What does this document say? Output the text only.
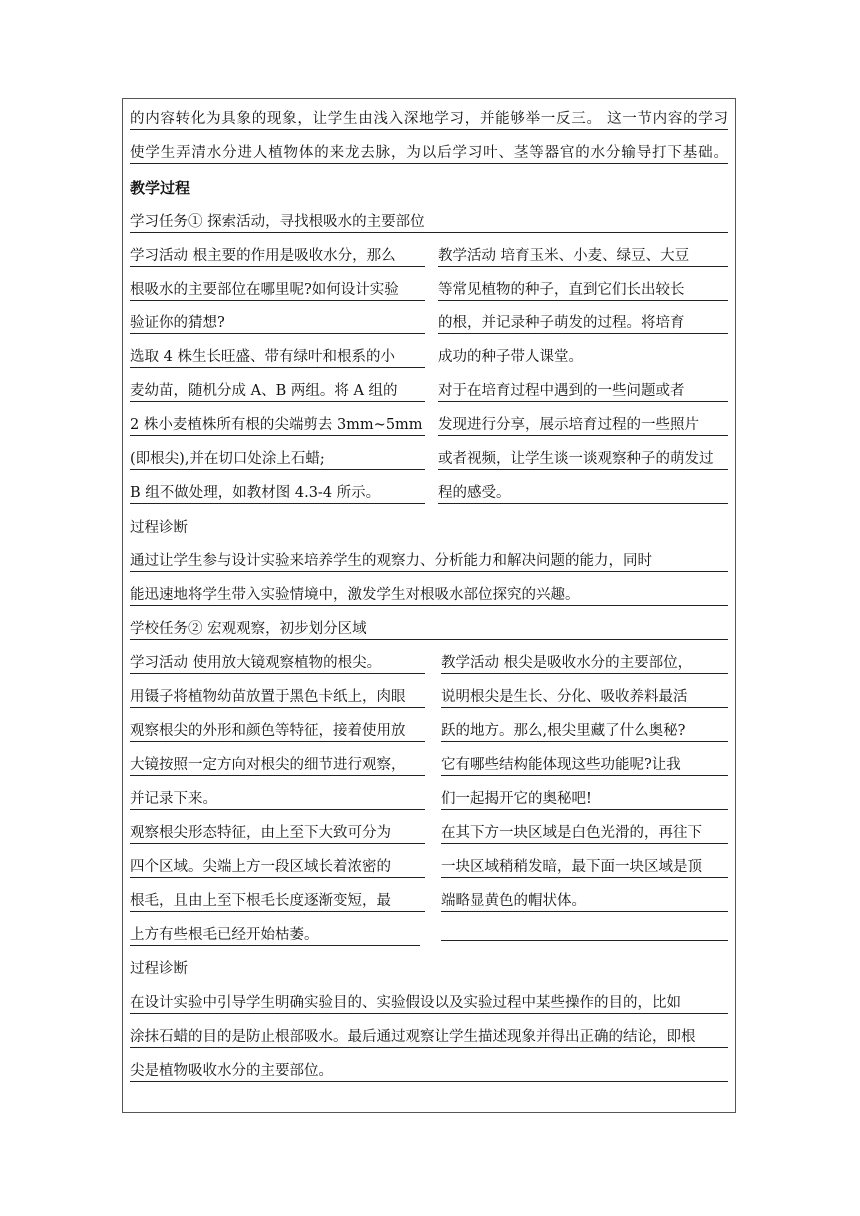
的内容转化为具象的现象，让学生由浅入深地学习，并能够举一反三。 这一节内容的学习
使学生弄清水分进人植物体的来龙去脉，为以后学习叶、茎等器官的水分输导打下基础。
教学过程
学习任务① 探索活动，寻找根吸水的主要部位
学习活动 根主要的作用是吸收水分，那么
根吸水的主要部位在哪里呢?如何设计实验
验证你的猜想?
选取 4 株生长旺盛、带有绿叶和根系的小
麦幼苗，随机分成 A、B 两组。将 A 组的
2 株小麦植株所有根的尖端剪去 3mm~5mm
(即根尖),并在切口处涂上石蜡;
B 组不做处理，如教材图 4.3-4 所示。
教学活动 培育玉米、小麦、绿豆、大豆
等常见植物的种子，直到它们长出较长
的根，并记录种子萌发的过程。将培育
成功的种子带人课堂。
对于在培育过程中遇到的一些问题或者
发现进行分享，展示培育过程的一些照片
或者视频，让学生谈一谈观察种子的萌发过
程的感受。
过程诊断
通过让学生参与设计实验来培养学生的观察力、分析能力和解决问题的能力，同时
能迅速地将学生带入实验情境中，激发学生对根吸水部位探究的兴趣。
学校任务② 宏观观察，初步划分区域
学习活动 使用放大镜观察植物的根尖。
用镊子将植物幼苗放置于黑色卡纸上，肉眼
观察根尖的外形和颜色等特征，接着使用放
大镜按照一定方向对根尖的细节进行观察，
并记录下来。
观察根尖形态特征，由上至下大致可分为
四个区域。尖端上方一段区域长着浓密的
根毛，且由上至下根毛长度逐渐变短，最
上方有些根毛已经开始枯萎。
教学活动 根尖是吸收水分的主要部位，
说明根尖是生长、分化、吸收养料最活
跃的地方。那么,根尖里藏了什么奥秘?
它有哪些结构能体现这些功能呢?让我
们一起揭开它的奥秘吧!
在其下方一块区域是白色光滑的，再往下
一块区域稍稍发暗，最下面一块区域是顶
端略显黄色的帽状体。
过程诊断
在设计实验中引导学生明确实验目的、实验假设以及实验过程中某些操作的目的，比如
涂抹石蜡的目的是防止根部吸水。最后通过观察让学生描述现象并得出正确的结论，即根
尖是植物吸收水分的主要部位。
